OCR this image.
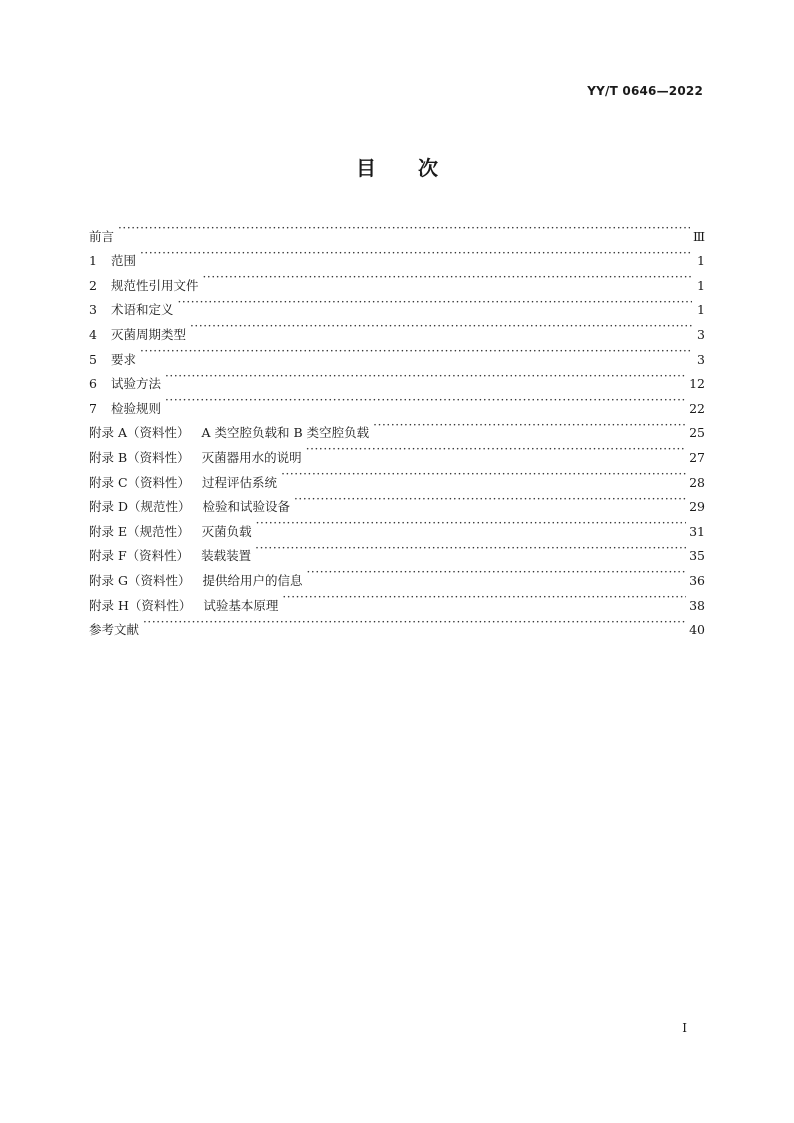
YY/T 0646—2022
目 次
前言 ·····	Ⅲ
1 范围 ·····	1
2 规范性引用文件 ·····	1
3 术语和定义 ·····	1
4 灭菌周期类型 ·····	3
5 要求 ·····	3
6 试验方法 ·····	12
7 检验规则 ·····	22
附录 A（资料性） A 类空腔负载和 B 类空腔负载 ·····	25
附录 B（资料性） 灭菌器用水的说明 ·····	27
附录 C（资料性） 过程评估系统 ·····	28
附录 D（规范性） 检验和试验设备 ·····	29
附录 E（规范性） 灭菌负载 ·····	31
附录 F（资料性） 装载装置 ·····	35
附录 G（资料性） 提供给用户的信息 ·····	36
附录 H（资料性） 试验基本原理 ·····	38
参考文献 ·····	40
I
